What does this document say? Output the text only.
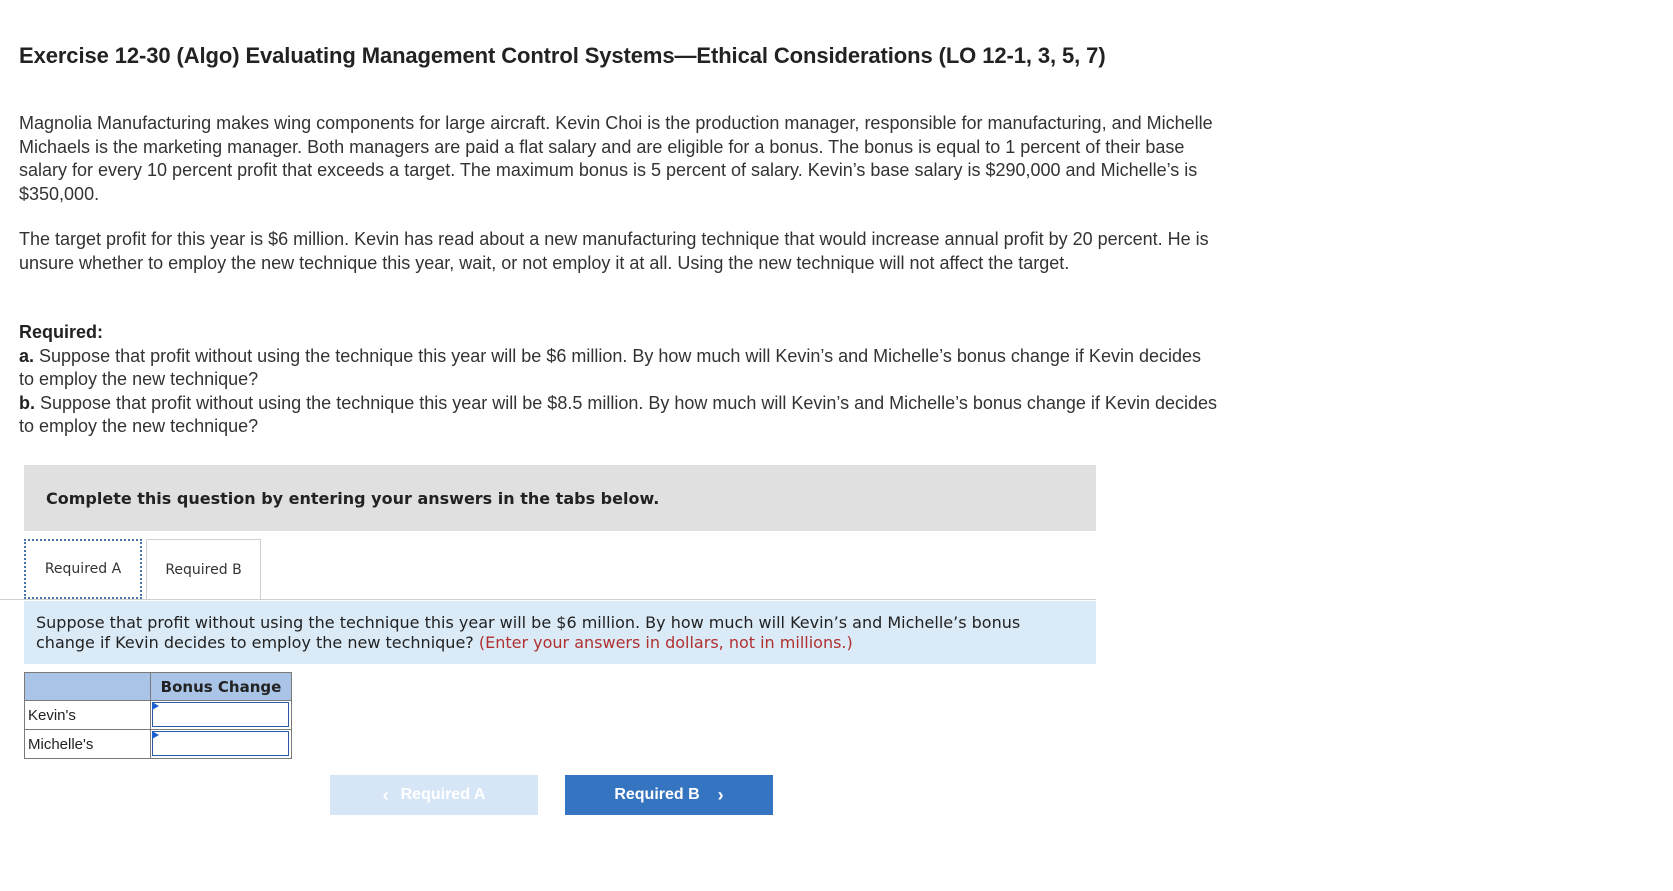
Exercise 12-30 (Algo) Evaluating Management Control Systems—Ethical Considerations (LO 12-1, 3, 5, 7)
Magnolia Manufacturing makes wing components for large aircraft. Kevin Choi is the production manager, responsible for manufacturing, and Michelle Michaels is the marketing manager. Both managers are paid a flat salary and are eligible for a bonus. The bonus is equal to 1 percent of their base salary for every 10 percent profit that exceeds a target. The maximum bonus is 5 percent of salary. Kevin’s base salary is $290,000 and Michelle’s is $350,000.
The target profit for this year is $6 million. Kevin has read about a new manufacturing technique that would increase annual profit by 20 percent. He is unsure whether to employ the new technique this year, wait, or not employ it at all. Using the new technique will not affect the target.
Required:
a. Suppose that profit without using the technique this year will be $6 million. By how much will Kevin’s and Michelle’s bonus change if Kevin decides to employ the new technique?
b. Suppose that profit without using the technique this year will be $8.5 million. By how much will Kevin’s and Michelle’s bonus change if Kevin decides to employ the new technique?
Complete this question by entering your answers in the tabs below.
Required A	Required B
Suppose that profit without using the technique this year will be $6 million. By how much will Kevin’s and Michelle’s bonus change if Kevin decides to employ the new technique? (Enter your answers in dollars, not in millions.)
	Bonus Change
Kevin's	

Michelle's	
‹ Required A	Required B ›
